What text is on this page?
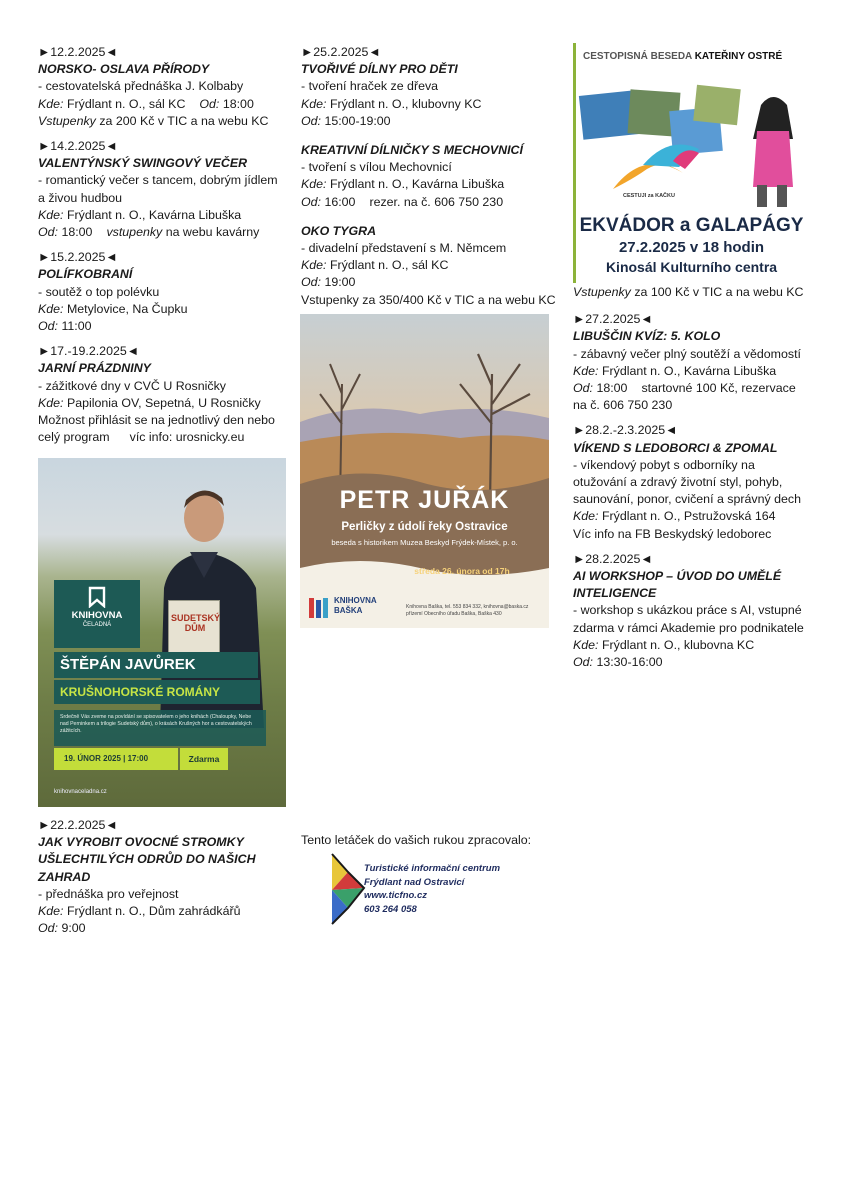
►12.2.2025◄
NORSKO- OSLAVA PŘÍRODY
- cestovatelská přednáška J. Kolbaby
Kde: Frýdlant n. O., sál KC Od: 18:00
Vstupenky za 200 Kč v TIC a na webu KC
►14.2.2025◄
VALENTÝNSKÝ SWINGOVÝ VEČER
- romantický večer s tancem, dobrým jídlem
a živou hudbou
Kde: Frýdlant n. O., Kavárna Libuška
Od: 18:00 vstupenky na webu kavárny
►15.2.2025◄
POLÍFKOBRANÍ
- soutěž o top polévku
Kde: Metylovice, Na Čupku
Od: 11:00
►17.-19.2.2025◄
JARNÍ PRÁZDNINY
- zážitkové dny v CVČ U Rosničky
Kde: Papilonia OV, Sepetná, U Rosničky
Možnost přihlásit se na jednotlivý den nebo
celý program víc info: urosnicky.eu
SUDETSKÝ DŮM
KNIHOVNA
ČELADNÁ
ŠTĚPÁN JAVŮREK
KRUŠNOHORSKÉ ROMÁNY
Srdečně Vás zveme na povídání se spisovatelem o jeho knihách (Chaloupky, Nebe nad Perninkem a trilogie Sudetský dům), o krásách Krušných hor a cestovatelských zážitcích.
19. ÚNOR 2025 | 17:00	Zdarma
knihovnaceladna.cz
►22.2.2025◄
JAK VYROBIT OVOCNÉ STROMKY
UŠLECHTILÝCH ODRŮD DO NAŠICH
ZAHRAD
- přednáška pro veřejnost
Kde: Frýdlant n. O., Dům zahrádkářů
Od: 9:00
►25.2.2025◄
TVOŘIVÉ DÍLNY PRO DĚTI
- tvoření hraček ze dřeva
Kde: Frýdlant n. O., klubovny KC
Od: 15:00-19:00
KREATIVNÍ DÍLNIČKY S MECHOVNICÍ
- tvoření s vílou Mechovnicí
Kde: Frýdlant n. O., Kavárna Libuška
Od: 16:00 rezer. na č. 606 750 230
OKO TYGRA
- divadelní představení s M. Němcem
Kde: Frýdlant n. O., sál KC
Od: 19:00
Vstupenky za 350/400 Kč v TIC a na webu KC
PETR JUŘÁK
Perličky z údolí řeky Ostravice
beseda s historikem Muzea Beskyd Frýdek-Místek, p. o.
středa 26. února od 17h
KNIHOVNA BAŠKA	Knihovna Baška, tel. 553 834 332, knihovna@baska.cz přízemí Obecního úřadu Baška, Baška 430
CESTOPISNÁ BESEDA KATEŘINY OSTRÉ
CESTUJI za KAČKU
EKVÁDOR a GALAPÁGY
27.2.2025 v 18 hodin
Kinosál Kulturního centra
Vstupenky za 100 Kč v TIC a na webu KC
►27.2.2025◄
LIBUŠČIN KVÍZ: 5. KOLO
- zábavný večer plný soutěží a vědomostí
Kde: Frýdlant n. O., Kavárna Libuška
Od: 18:00 startovné 100 Kč, rezervace
na č. 606 750 230
►28.2.-2.3.2025◄
VÍKEND S LEDOBORCI & ZPOMAL
- víkendový pobyt s odborníky na
otužování a zdravý životní styl, pohyb,
saunování, ponor, cvičení a správný dech
Kde: Frýdlant n. O., Pstružovská 164
Víc info na FB Beskydský ledoborec
►28.2.2025◄
AI WORKSHOP – ÚVOD DO UMĚLÉ
INTELIGENCE
- workshop s ukázkou práce s AI, vstupné
zdarma v rámci Akademie pro podnikatele
Kde: Frýdlant n. O., klubovna KC
Od: 13:30-16:00
Tento letáček do vašich rukou zpracovalo:
Turistické informační centrum
Frýdlant nad Ostravicí
www.ticfno.cz
603 264 058
